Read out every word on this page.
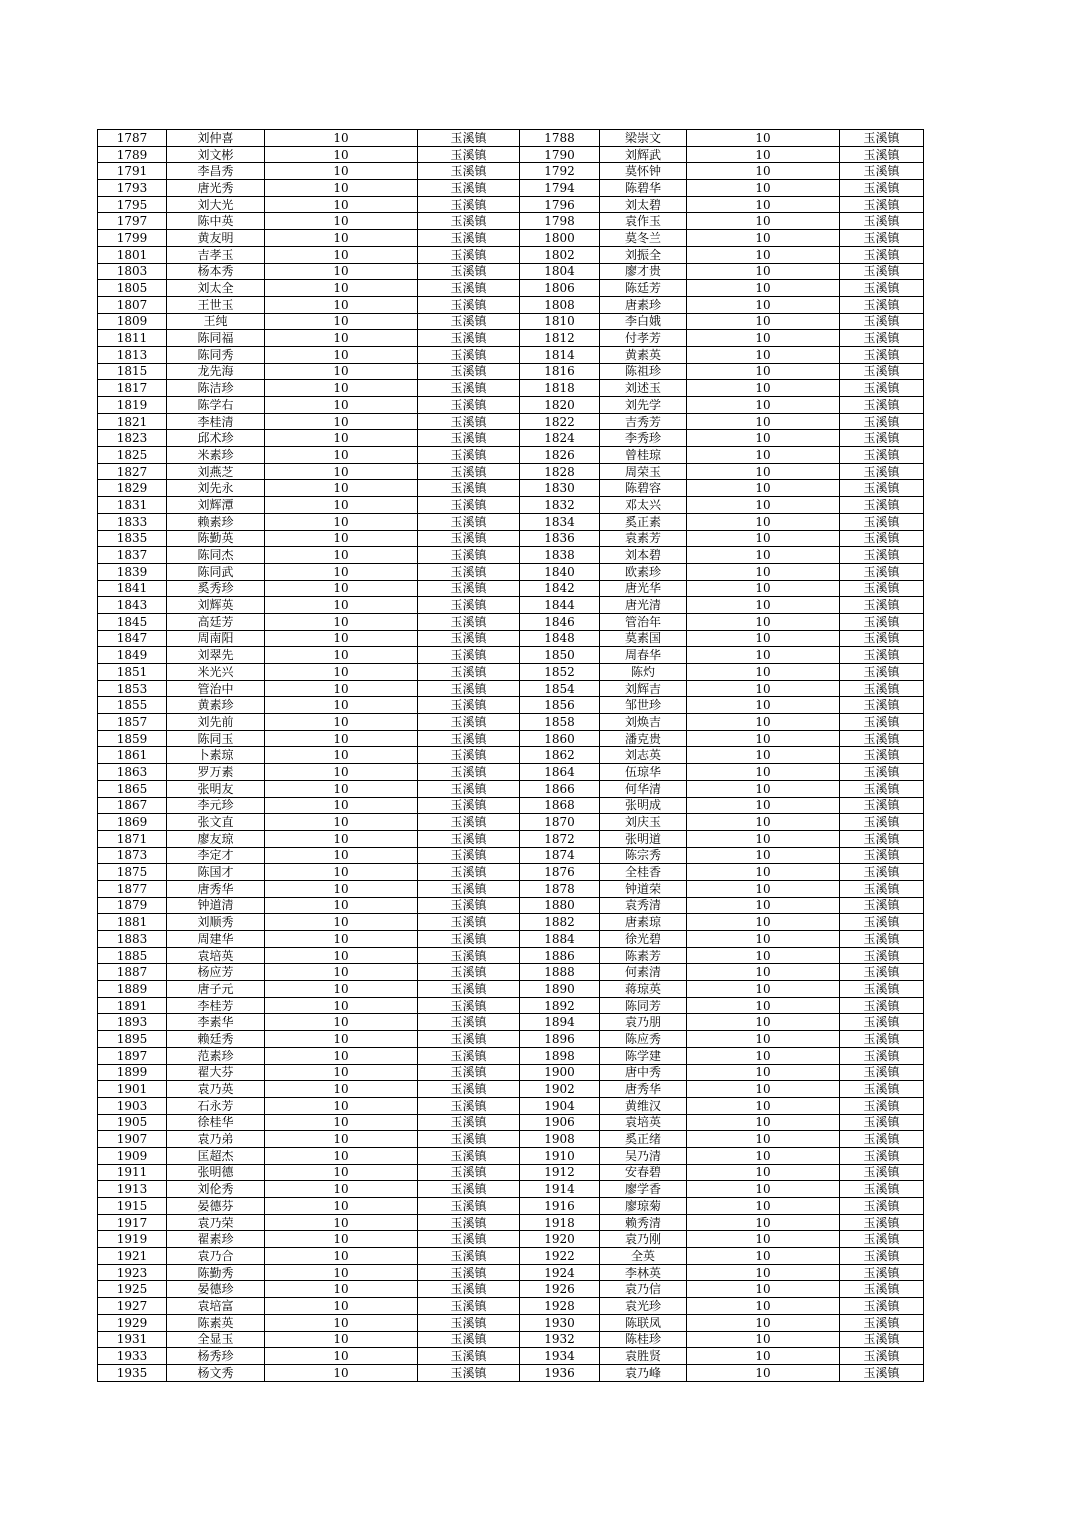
1787	刘仲喜	10	玉溪镇	1788	梁崇文	10	玉溪镇
1789	刘文彬	10	玉溪镇	1790	刘辉武	10	玉溪镇
1791	李昌秀	10	玉溪镇	1792	莫怀钟	10	玉溪镇
1793	唐光秀	10	玉溪镇	1794	陈碧华	10	玉溪镇
1795	刘大光	10	玉溪镇	1796	刘太碧	10	玉溪镇
1797	陈中英	10	玉溪镇	1798	袁作玉	10	玉溪镇
1799	黄友明	10	玉溪镇	1800	莫冬兰	10	玉溪镇
1801	吉孝玉	10	玉溪镇	1802	刘振全	10	玉溪镇
1803	杨本秀	10	玉溪镇	1804	廖才贵	10	玉溪镇
1805	刘太全	10	玉溪镇	1806	陈廷芳	10	玉溪镇
1807	王世玉	10	玉溪镇	1808	唐素珍	10	玉溪镇
1809	王纯	10	玉溪镇	1810	李白娥	10	玉溪镇
1811	陈同福	10	玉溪镇	1812	付孝芳	10	玉溪镇
1813	陈同秀	10	玉溪镇	1814	黄素英	10	玉溪镇
1815	龙先海	10	玉溪镇	1816	陈祖珍	10	玉溪镇
1817	陈洁珍	10	玉溪镇	1818	刘述玉	10	玉溪镇
1819	陈学右	10	玉溪镇	1820	刘先学	10	玉溪镇
1821	李桂清	10	玉溪镇	1822	吉秀芳	10	玉溪镇
1823	邱术珍	10	玉溪镇	1824	李秀珍	10	玉溪镇
1825	米素珍	10	玉溪镇	1826	曾桂琼	10	玉溪镇
1827	刘燕芝	10	玉溪镇	1828	周荣玉	10	玉溪镇
1829	刘先永	10	玉溪镇	1830	陈碧容	10	玉溪镇
1831	刘辉潭	10	玉溪镇	1832	邓太兴	10	玉溪镇
1833	赖素珍	10	玉溪镇	1834	奚正素	10	玉溪镇
1835	陈勤英	10	玉溪镇	1836	袁素芳	10	玉溪镇
1837	陈同杰	10	玉溪镇	1838	刘本碧	10	玉溪镇
1839	陈同武	10	玉溪镇	1840	欧素珍	10	玉溪镇
1841	奚秀珍	10	玉溪镇	1842	唐光华	10	玉溪镇
1843	刘辉英	10	玉溪镇	1844	唐光清	10	玉溪镇
1845	高廷芳	10	玉溪镇	1846	管治年	10	玉溪镇
1847	周南阳	10	玉溪镇	1848	莫素国	10	玉溪镇
1849	刘翠先	10	玉溪镇	1850	周春华	10	玉溪镇
1851	米光兴	10	玉溪镇	1852	陈灼	10	玉溪镇
1853	管治中	10	玉溪镇	1854	刘辉吉	10	玉溪镇
1855	黄素珍	10	玉溪镇	1856	邹世珍	10	玉溪镇
1857	刘先前	10	玉溪镇	1858	刘焕吉	10	玉溪镇
1859	陈同玉	10	玉溪镇	1860	潘克贵	10	玉溪镇
1861	卜素琼	10	玉溪镇	1862	刘志英	10	玉溪镇
1863	罗万素	10	玉溪镇	1864	伍琼华	10	玉溪镇
1865	张明友	10	玉溪镇	1866	何华清	10	玉溪镇
1867	李元珍	10	玉溪镇	1868	张明成	10	玉溪镇
1869	张文直	10	玉溪镇	1870	刘庆玉	10	玉溪镇
1871	廖友琼	10	玉溪镇	1872	张明道	10	玉溪镇
1873	李定才	10	玉溪镇	1874	陈宗秀	10	玉溪镇
1875	陈国才	10	玉溪镇	1876	全桂香	10	玉溪镇
1877	唐秀华	10	玉溪镇	1878	钟道荣	10	玉溪镇
1879	钟道清	10	玉溪镇	1880	袁秀清	10	玉溪镇
1881	刘顺秀	10	玉溪镇	1882	唐素琼	10	玉溪镇
1883	周建华	10	玉溪镇	1884	徐光碧	10	玉溪镇
1885	袁培英	10	玉溪镇	1886	陈素芳	10	玉溪镇
1887	杨应芳	10	玉溪镇	1888	何素清	10	玉溪镇
1889	唐子元	10	玉溪镇	1890	蒋琼英	10	玉溪镇
1891	李桂芳	10	玉溪镇	1892	陈同芳	10	玉溪镇
1893	李素华	10	玉溪镇	1894	袁乃朋	10	玉溪镇
1895	赖廷秀	10	玉溪镇	1896	陈应秀	10	玉溪镇
1897	范素珍	10	玉溪镇	1898	陈学建	10	玉溪镇
1899	翟大芬	10	玉溪镇	1900	唐中秀	10	玉溪镇
1901	袁乃英	10	玉溪镇	1902	唐秀华	10	玉溪镇
1903	石永芳	10	玉溪镇	1904	黄维汉	10	玉溪镇
1905	徐桂华	10	玉溪镇	1906	袁培英	10	玉溪镇
1907	袁乃弟	10	玉溪镇	1908	奚正绪	10	玉溪镇
1909	匡超杰	10	玉溪镇	1910	吴乃清	10	玉溪镇
1911	张明德	10	玉溪镇	1912	安春碧	10	玉溪镇
1913	刘伦秀	10	玉溪镇	1914	廖学香	10	玉溪镇
1915	晏德芬	10	玉溪镇	1916	廖琼菊	10	玉溪镇
1917	袁乃荣	10	玉溪镇	1918	赖秀清	10	玉溪镇
1919	翟素珍	10	玉溪镇	1920	袁乃刚	10	玉溪镇
1921	袁乃合	10	玉溪镇	1922	全英	10	玉溪镇
1923	陈勤秀	10	玉溪镇	1924	李林英	10	玉溪镇
1925	晏德珍	10	玉溪镇	1926	袁乃信	10	玉溪镇
1927	袁培富	10	玉溪镇	1928	袁光珍	10	玉溪镇
1929	陈素英	10	玉溪镇	1930	陈联凤	10	玉溪镇
1931	全显玉	10	玉溪镇	1932	陈桂珍	10	玉溪镇
1933	杨秀珍	10	玉溪镇	1934	袁胜贤	10	玉溪镇
1935	杨文秀	10	玉溪镇	1936	袁乃峰	10	玉溪镇
